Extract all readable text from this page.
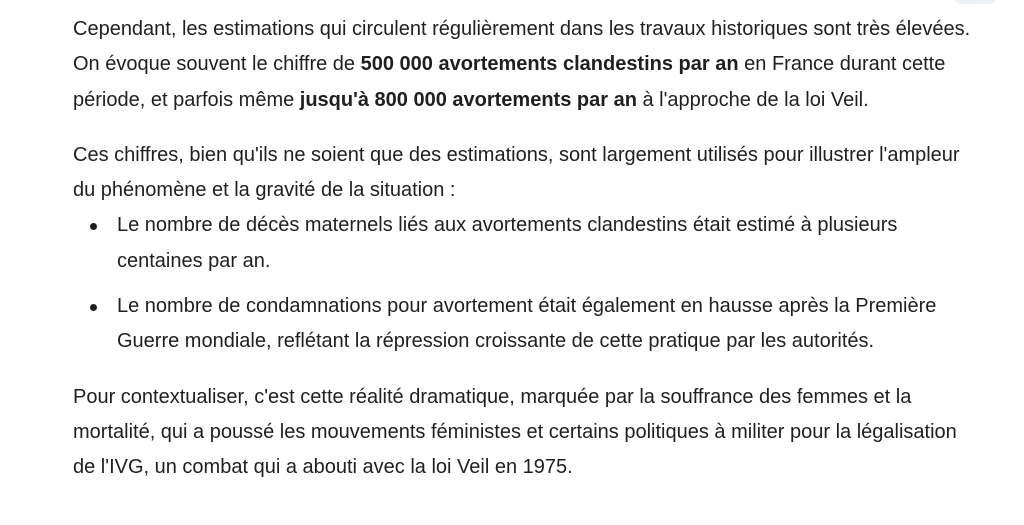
Cependant, les estimations qui circulent régulièrement dans les travaux historiques sont très élevées. On évoque souvent le chiffre de 500 000 avortements clandestins par an en France durant cette période, et parfois même jusqu'à 800 000 avortements par an à l'approche de la loi Veil.

Ces chiffres, bien qu'ils ne soient que des estimations, sont largement utilisés pour illustrer l'ampleur du phénomène et la gravité de la situation :

Le nombre de décès maternels liés aux avortements clandestins était estimé à plusieurs centaines par an.
Le nombre de condamnations pour avortement était également en hausse après la Première Guerre mondiale, reflétant la répression croissante de cette pratique par les autorités.

Pour contextualiser, c'est cette réalité dramatique, marquée par la souffrance des femmes et la mortalité, qui a poussé les mouvements féministes et certains politiques à militer pour la légalisation de l'IVG, un combat qui a abouti avec la loi Veil en 1975.
